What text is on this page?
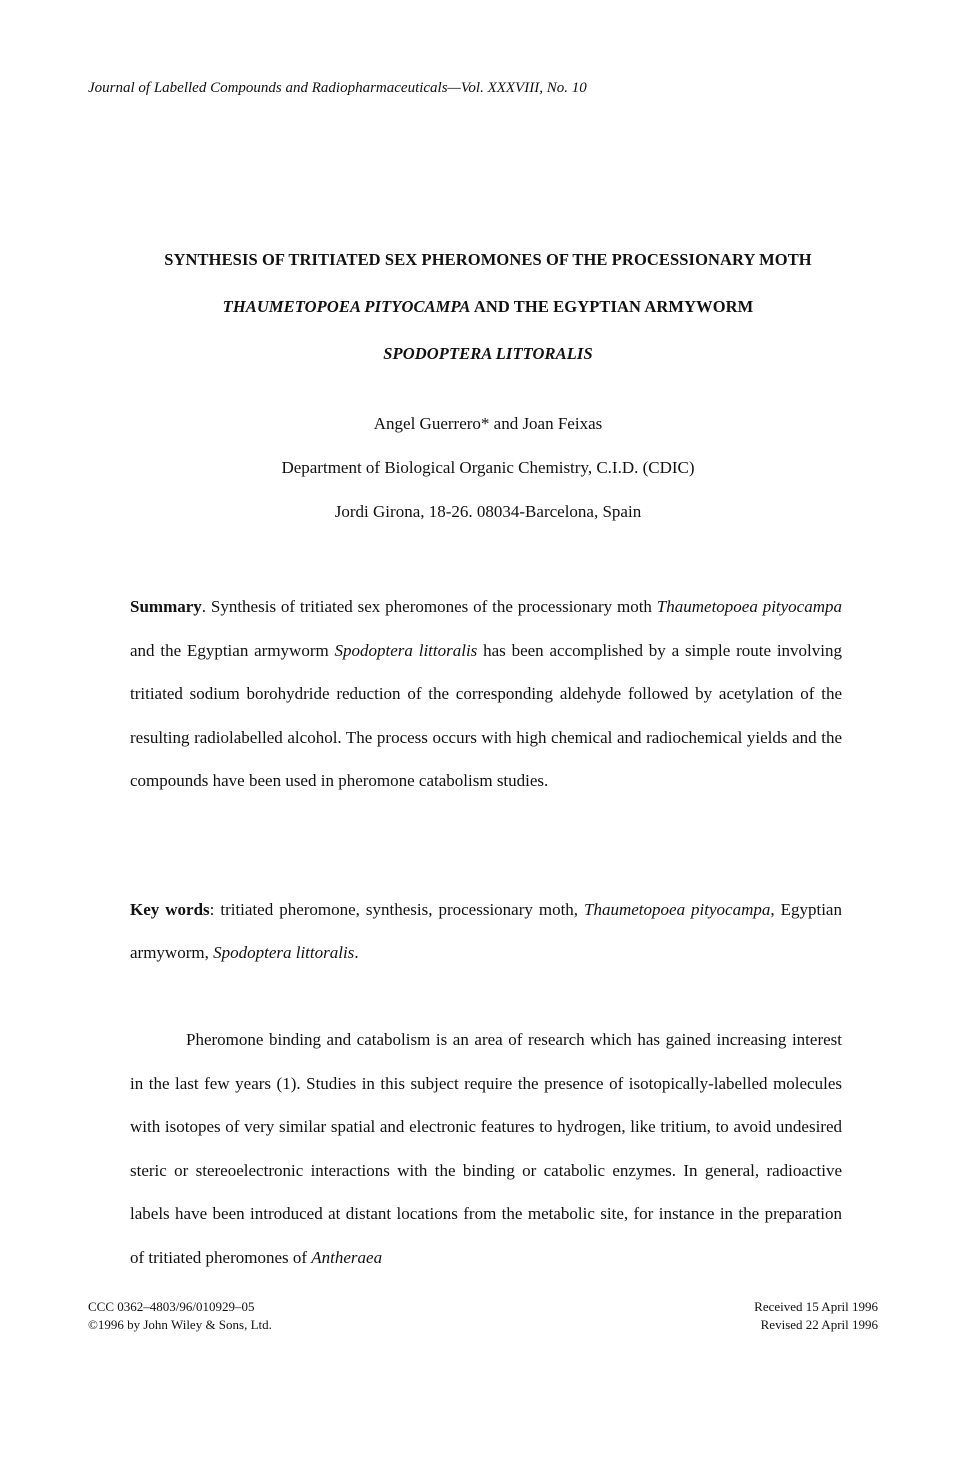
Journal of Labelled Compounds and Radiopharmaceuticals—Vol. XXXVIII, No. 10
SYNTHESIS OF TRITIATED SEX PHEROMONES OF THE PROCESSIONARY MOTH
THAUMETOPOEA PITYOCAMPA AND THE EGYPTIAN ARMYWORM
SPODOPTERA LITTORALIS
Angel Guerrero* and Joan Feixas
Department of Biological Organic Chemistry, C.I.D. (CDIC)
Jordi Girona, 18-26. 08034-Barcelona, Spain
Summary. Synthesis of tritiated sex pheromones of the processionary moth Thaumetopoea pityocampa and the Egyptian armyworm Spodoptera littoralis has been accomplished by a simple route involving tritiated sodium borohydride reduction of the corresponding aldehyde followed by acetylation of the resulting radiolabelled alcohol. The process occurs with high chemical and radiochemical yields and the compounds have been used in pheromone catabolism studies.
Key words: tritiated pheromone, synthesis, processionary moth, Thaumetopoea pityocampa, Egyptian armyworm, Spodoptera littoralis.
Pheromone binding and catabolism is an area of research which has gained increasing interest in the last few years (1). Studies in this subject require the presence of isotopically-labelled molecules with isotopes of very similar spatial and electronic features to hydrogen, like tritium, to avoid undesired steric or stereoelectronic interactions with the binding or catabolic enzymes. In general, radioactive labels have been introduced at distant locations from the metabolic site, for instance in the preparation of tritiated pheromones of Antheraea
CCC 0362–4803/96/010929–05
©1996 by John Wiley & Sons, Ltd.
Received 15 April 1996
Revised 22 April 1996
